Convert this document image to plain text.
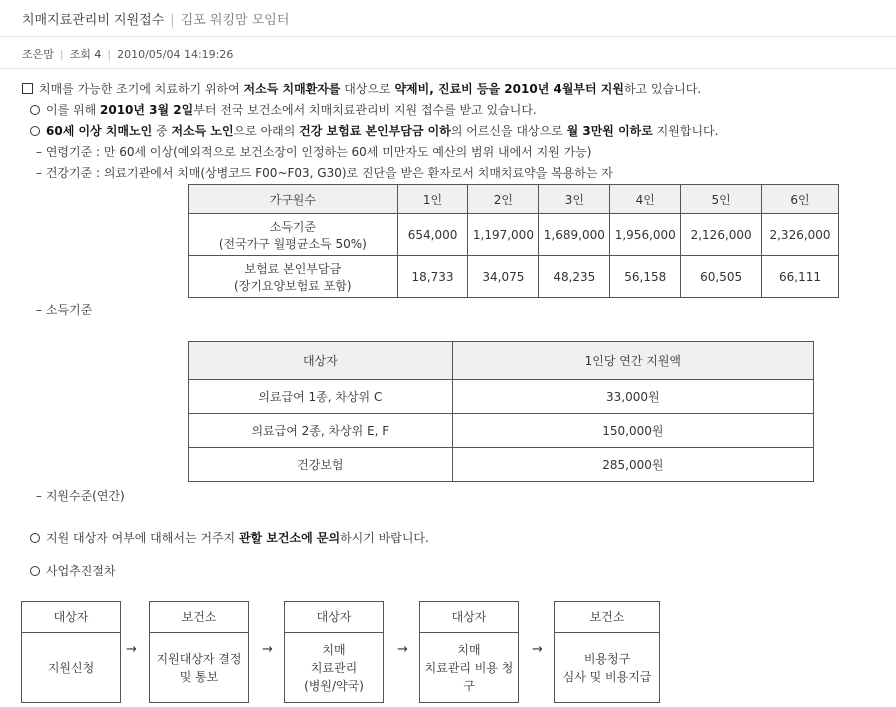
치매지료관리비 지원접수 | 김포 워킹맘 모임터
조은맘 | 조회 4 | 2010/05/04 14:19:26
치매를 가능한 조기에 치료하기 위하여 저소득 치매환자를 대상으로 약제비, 진료비 등을 2010년 4월부터 지원하고 있습니다.
이를 위해 2010년 3월 2일부터 전국 보건소에서 치매치료관리비 지원 접수를 받고 있습니다.
60세 이상 치매노인 중 저소득 노인으로 아래의 건강 보험료 본인부담금 이하의 어르신을 대상으로 월 3만원 이하로 지원합니다.
– 연령기준 : 만 60세 이상(예외적으로 보건소장이 인정하는 60세 미만자도 예산의 범위 내에서 지원 가능)
– 건강기준 : 의료기관에서 치매(상병코드 F00~F03, G30)로 진단을 받은 환자로서 치매치료약을 복용하는 자
가구원수	1인	2인	3인	4인	5인	6인

소득기준
(전국가구 월평균소득 50%)	654,000	1,197,000	1,689,000	1,956,000	2,126,000	2,326,000

보험료 본인부담금
(장기요양보험료 포함)	18,733	34,075	48,235	56,158	60,505	66,111
– 소득기준
대상자	1인당 연간 지원액
의료급여 1종, 차상위 C	33,000원
의료급여 2종, 차상위 E, F	150,000원
건강보험	285,000원
– 지원수준(연간)
지원 대상자 여부에 대해서는 거주지 관할 보건소에 문의하시기 바랍니다.
사업추진절차
대상자
지원신청
→
보건소
지원대상자 결정
및 통보
→
대상자
치매
치료관리
(병원/약국)
→
대상자
치매
치료관리 비용 청
구
→
보건소
비용청구
심사 및 비용지급
